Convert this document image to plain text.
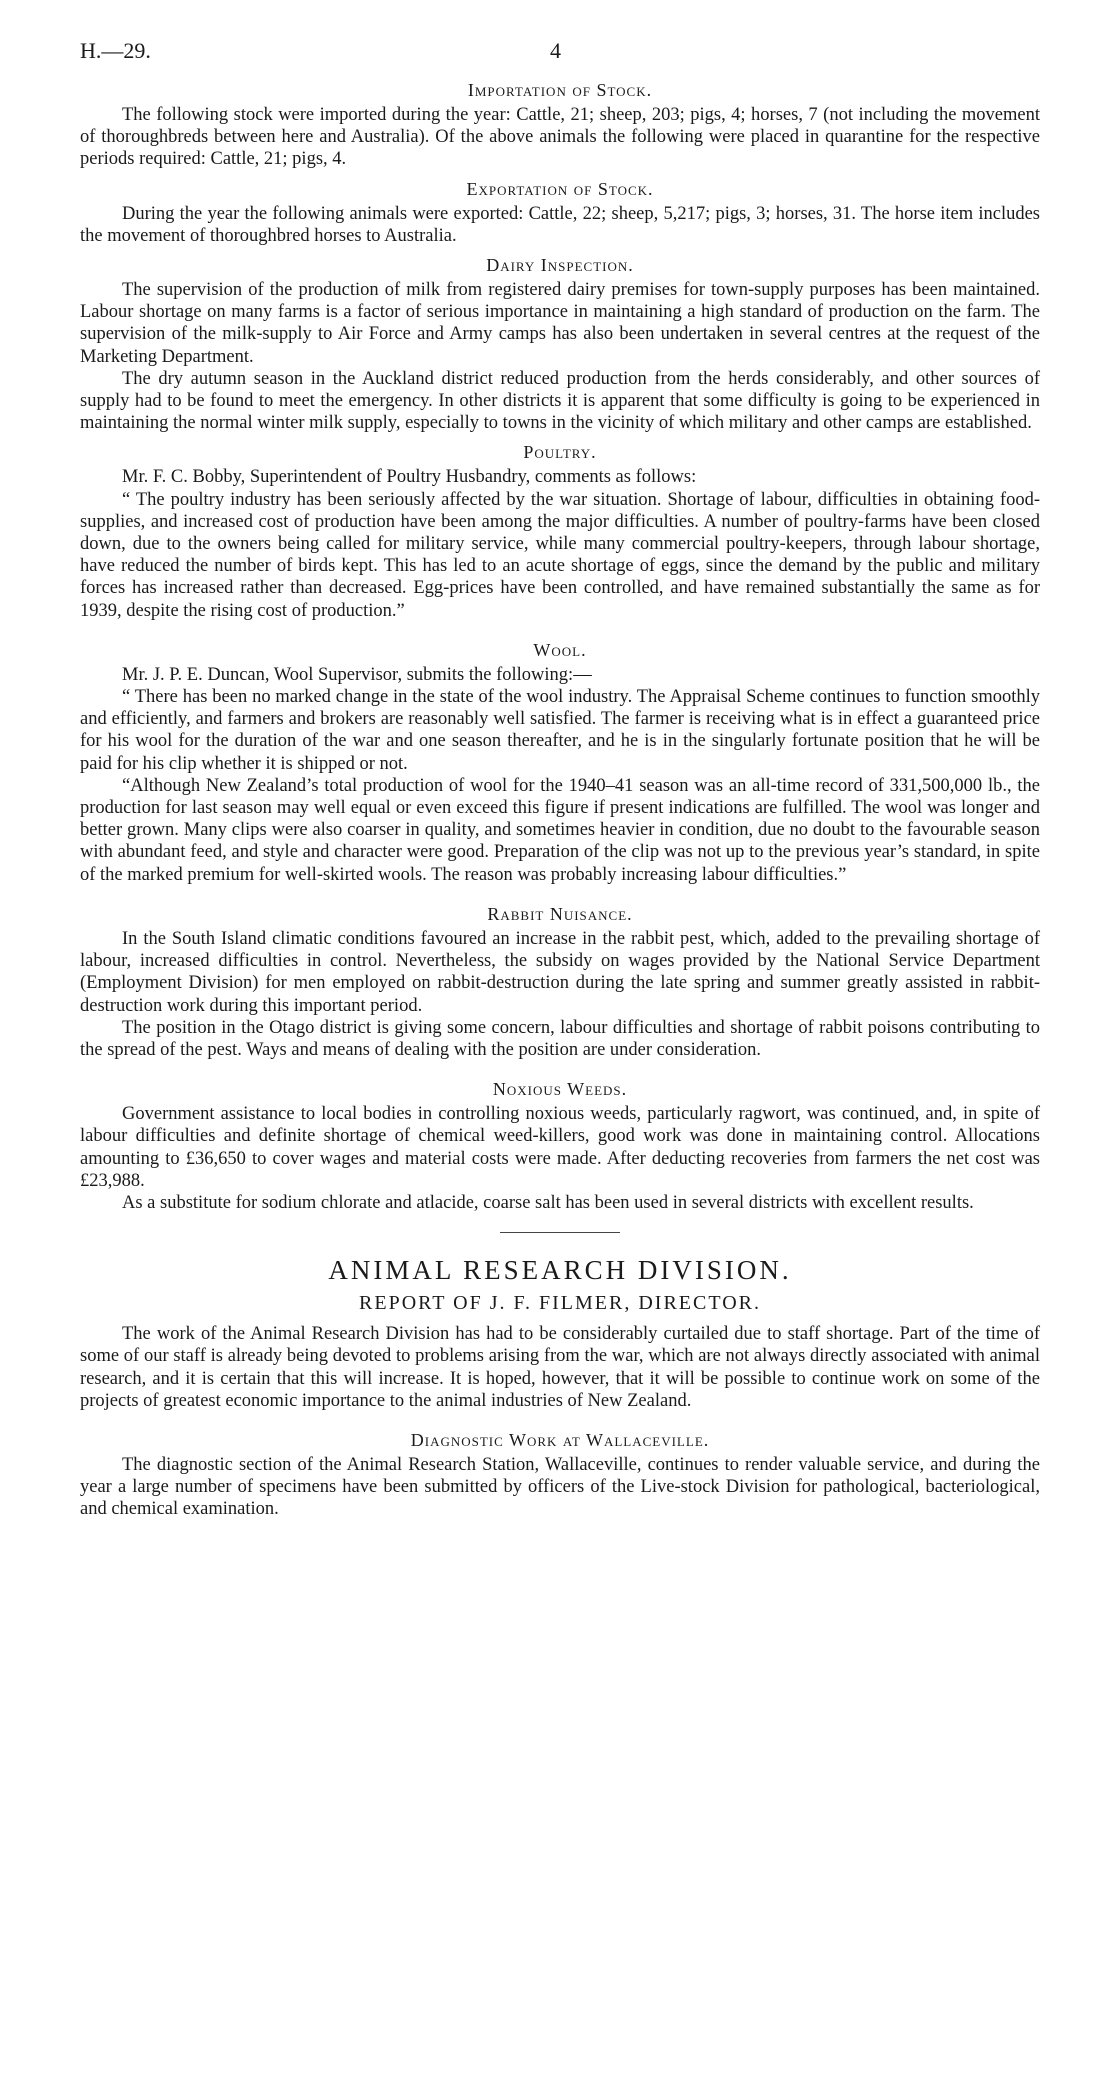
H.—29.	4
Importation of Stock.

The following stock were imported during the year: Cattle, 21; sheep, 203; pigs, 4; horses, 7 (not including the movement of thoroughbreds between here and Australia). Of the above animals the following were placed in quarantine for the respective periods required: Cattle, 21; pigs, 4.

Exportation of Stock.

During the year the following animals were exported: Cattle, 22; sheep, 5,217; pigs, 3; horses, 31. The horse item includes the movement of thoroughbred horses to Australia.

Dairy Inspection.

The supervision of the production of milk from registered dairy premises for town-supply purposes has been maintained. Labour shortage on many farms is a factor of serious importance in maintaining a high standard of production on the farm. The supervision of the milk-supply to Air Force and Army camps has also been undertaken in several centres at the request of the Marketing Department.

The dry autumn season in the Auckland district reduced production from the herds considerably, and other sources of supply had to be found to meet the emergency. In other districts it is apparent that some difficulty is going to be experienced in maintaining the normal winter milk supply, especially to towns in the vicinity of which military and other camps are established.

Poultry.

Mr. F. C. Bobby, Superintendent of Poultry Husbandry, comments as follows:

“ The poultry industry has been seriously affected by the war situation. Shortage of labour, difficulties in obtaining food-supplies, and increased cost of production have been among the major difficulties. A number of poultry-farms have been closed down, due to the owners being called for military service, while many commercial poultry-keepers, through labour shortage, have reduced the number of birds kept. This has led to an acute shortage of eggs, since the demand by the public and military forces has increased rather than decreased. Egg-prices have been controlled, and have remained substantially the same as for 1939, despite the rising cost of production.”

Wool.

Mr. J. P. E. Duncan, Wool Supervisor, submits the following:—

“ There has been no marked change in the state of the wool industry. The Appraisal Scheme continues to function smoothly and efficiently, and farmers and brokers are reasonably well satisfied. The farmer is receiving what is in effect a guaranteed price for his wool for the duration of the war and one season thereafter, and he is in the singularly fortunate position that he will be paid for his clip whether it is shipped or not.

“Although New Zealand’s total production of wool for the 1940–41 season was an all-time record of 331,500,000 lb., the production for last season may well equal or even exceed this figure if present indications are fulfilled. The wool was longer and better grown. Many clips were also coarser in quality, and sometimes heavier in condition, due no doubt to the favourable season with abundant feed, and style and character were good. Preparation of the clip was not up to the previous year’s standard, in spite of the marked premium for well-skirted wools. The reason was probably increasing labour difficulties.”

Rabbit Nuisance.

In the South Island climatic conditions favoured an increase in the rabbit pest, which, added to the prevailing shortage of labour, increased difficulties in control. Nevertheless, the subsidy on wages provided by the National Service Department (Employment Division) for men employed on rabbit-destruction during the late spring and summer greatly assisted in rabbit-destruction work during this important period.

The position in the Otago district is giving some concern, labour difficulties and shortage of rabbit poisons contributing to the spread of the pest. Ways and means of dealing with the position are under consideration.

Noxious Weeds.

Government assistance to local bodies in controlling noxious weeds, particularly ragwort, was continued, and, in spite of labour difficulties and definite shortage of chemical weed-killers, good work was done in maintaining control. Allocations amounting to £36,650 to cover wages and material costs were made. After deducting recoveries from farmers the net cost was £23,988.

As a substitute for sodium chlorate and atlacide, coarse salt has been used in several districts with excellent results.

ANIMAL RESEARCH DIVISION.
REPORT OF J. F. FILMER, DIRECTOR.

The work of the Animal Research Division has had to be considerably curtailed due to staff shortage. Part of the time of some of our staff is already being devoted to problems arising from the war, which are not always directly associated with animal research, and it is certain that this will increase. It is hoped, however, that it will be possible to continue work on some of the projects of greatest economic importance to the animal industries of New Zealand.

Diagnostic Work at Wallaceville.

The diagnostic section of the Animal Research Station, Wallaceville, continues to render valuable service, and during the year a large number of specimens have been submitted by officers of the Live-stock Division for pathological, bacteriological, and chemical examination.
